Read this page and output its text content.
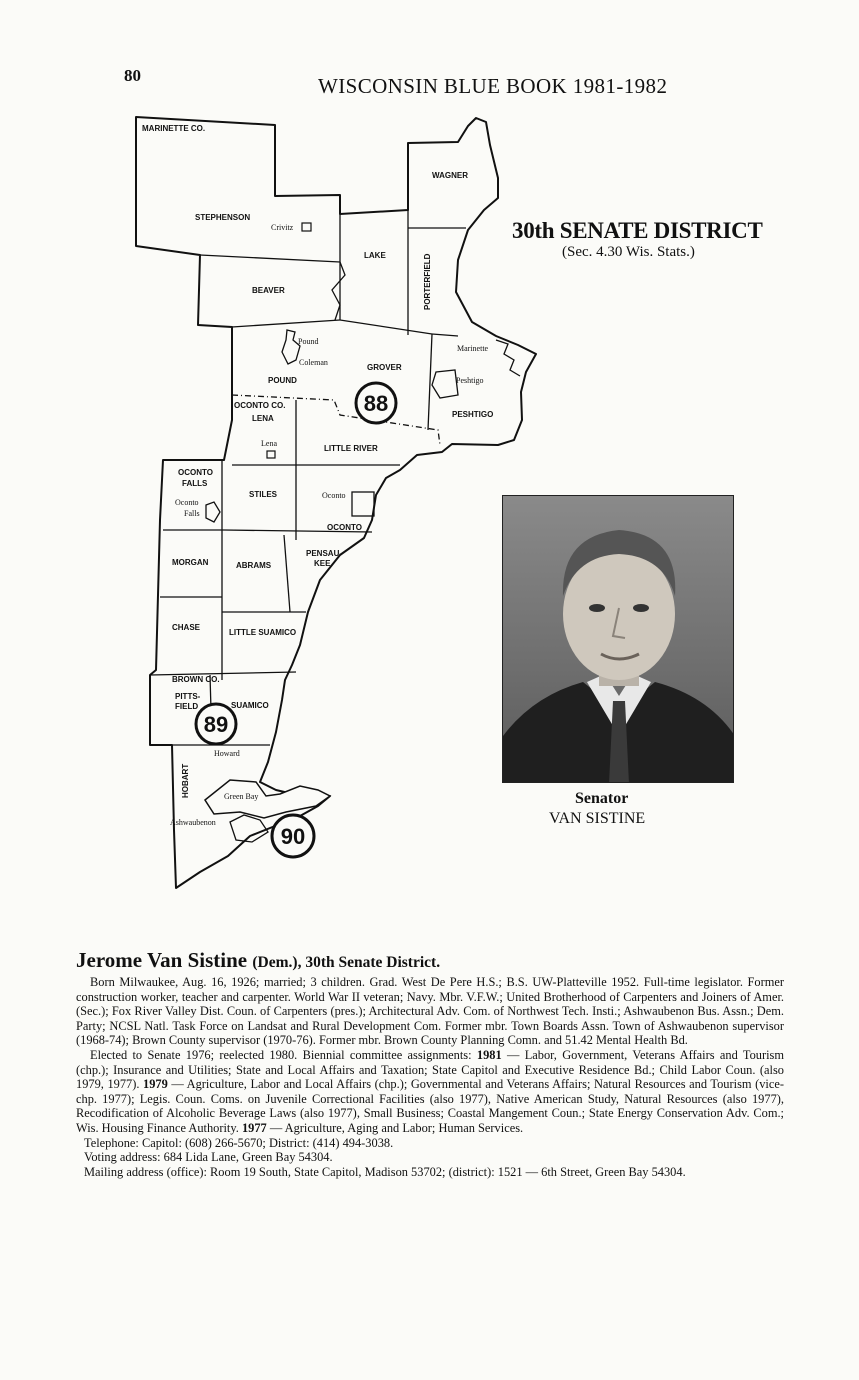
80	WISCONSIN BLUE BOOK 1981-1982
30th SENATE DISTRICT
(Sec. 4.30 Wis. Stats.)
MARINETTE CO.
OCONTO CO.
BROWN CO.
STEPHENSON
WAGNER
LAKE	PORTERFIELD
BEAVER
POUND
GROVER
PESHTIGO
LENA
LITTLE RIVER
OCONTO
FALLS
STILES
OCONTO
MORGAN	ABRAMS
PENSAU-
KEE
CHASE
LITTLE SUAMICO
PITTS-
FIELD	SUAMICO
HOBART
Crivitz
Pound
Coleman
Marinette
Peshtigo
Lena
Oconto
Oconto
Falls
Howard
Green Bay
Ashwaubenon
88
89
90
Senator
VAN SISTINE
Jerome Van Sistine (Dem.), 30th Senate District.

Born Milwaukee, Aug. 16, 1926; married; 3 children. Grad. West De Pere H.S.; B.S. UW-Platteville 1952. Full-time legislator. Former construction worker, teacher and carpenter. World War II veteran; Navy. Mbr. V.F.W.; United Brotherhood of Carpenters and Joiners of Amer. (Sec.); Fox River Valley Dist. Coun. of Carpenters (pres.); Architectural Adv. Com. of Northwest Tech. Insti.; Ashwaubenon Bus. Assn.; Dem. Party; NCSL Natl. Task Force on Landsat and Rural Development Com. Former mbr. Town Boards Assn. Town of Ashwaubenon supervisor (1968-74); Brown County supervisor (1970-76). Former mbr. Brown County Planning Comn. and 51.42 Mental Health Bd.

Elected to Senate 1976; reelected 1980. Biennial committee assignments: 1981 — Labor, Government, Veterans Affairs and Tourism (chp.); Insurance and Utilities; State and Local Affairs and Taxation; State Capitol and Executive Residence Bd.; Child Labor Coun. (also 1979, 1977). 1979 — Agriculture, Labor and Local Affairs (chp.); Governmental and Veterans Affairs; Natural Resources and Tourism (vice-chp. 1977); Legis. Coun. Coms. on Juvenile Correctional Facilities (also 1977), Native American Study, Natural Resources (also 1977), Recodification of Alcoholic Beverage Laws (also 1977), Small Business; Coastal Mangement Coun.; State Energy Conservation Adv. Com.; Wis. Housing Finance Authority. 1977 — Agriculture, Aging and Labor; Human Services.

Telephone: Capitol: (608) 266-5670; District: (414) 494-3038.

Voting address: 684 Lida Lane, Green Bay 54304.

Mailing address (office): Room 19 South, State Capitol, Madison 53702; (district): 1521 — 6th Street, Green Bay 54304.
